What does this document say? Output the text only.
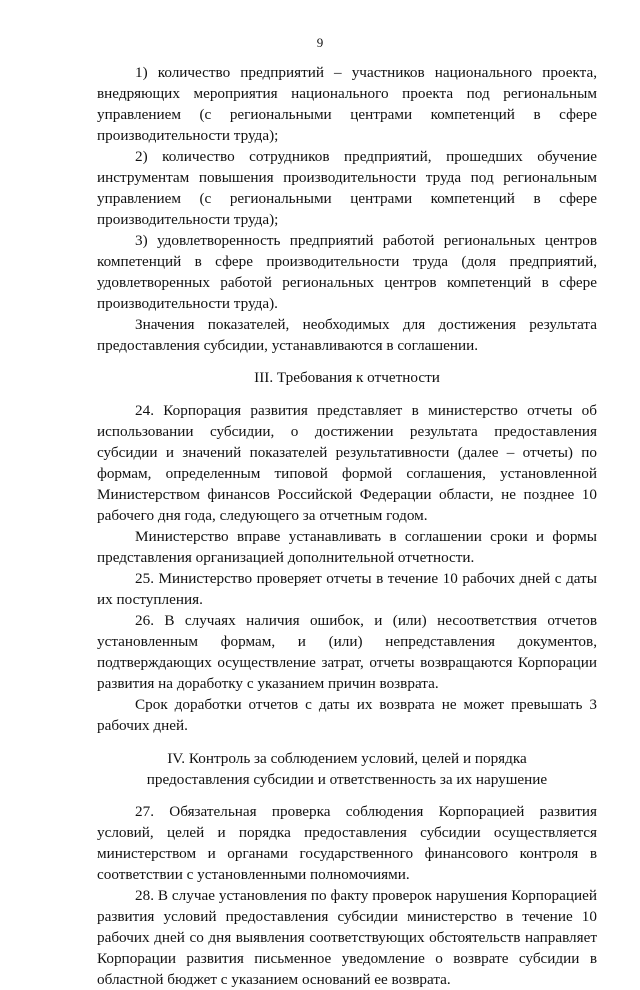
9

1) количество предприятий – участников национального проекта, внедряющих мероприятия национального проекта под региональным управлением (с региональными центрами компетенций в сфере производительности труда);

2) количество сотрудников предприятий, прошедших обучение инструментам повышения производительности труда под региональным управлением (с региональными центрами компетенций в сфере производительности труда);

3) удовлетворенность предприятий работой региональных центров компетенций в сфере производительности труда (доля предприятий, удовлетворенных работой региональных центров компетенций в сфере производительности труда).

Значения показателей, необходимых для достижения результата предоставления субсидии, устанавливаются в соглашении.

III. Требования к отчетности

24. Корпорация развития представляет в министерство отчеты об использовании субсидии, о достижении результата предоставления субсидии и значений показателей результативности (далее – отчеты) по формам, определенным типовой формой соглашения, установленной Министерством финансов Российской Федерации области, не позднее 10 рабочего дня года, следующего за отчетным годом.

Министерство вправе устанавливать в соглашении сроки и формы представления организацией дополнительной отчетности.

25. Министерство проверяет отчеты в течение 10 рабочих дней с даты их поступления.

26. В случаях наличия ошибок, и (или) несоответствия отчетов установленным формам, и (или) непредставления документов, подтверждающих осуществление затрат, отчеты возвращаются Корпорации развития на доработку с указанием причин возврата.

Срок доработки отчетов с даты их возврата не может превышать 3 рабочих дней.

IV. Контроль за соблюдением условий, целей и порядка

предоставления субсидии и ответственность за их нарушение

27. Обязательная проверка соблюдения Корпорацией развития условий, целей и порядка предоставления субсидии осуществляется министерством и органами государственного финансового контроля в соответствии с установленными полномочиями.

28. В случае установления по факту проверок нарушения Корпорацией развития условий предоставления субсидии министерство в течение 10 рабочих дней со дня выявления соответствующих обстоятельств направляет Корпорации развития письменное уведомление о возврате субсидии в областной бюджет с указанием оснований ее возврата.
